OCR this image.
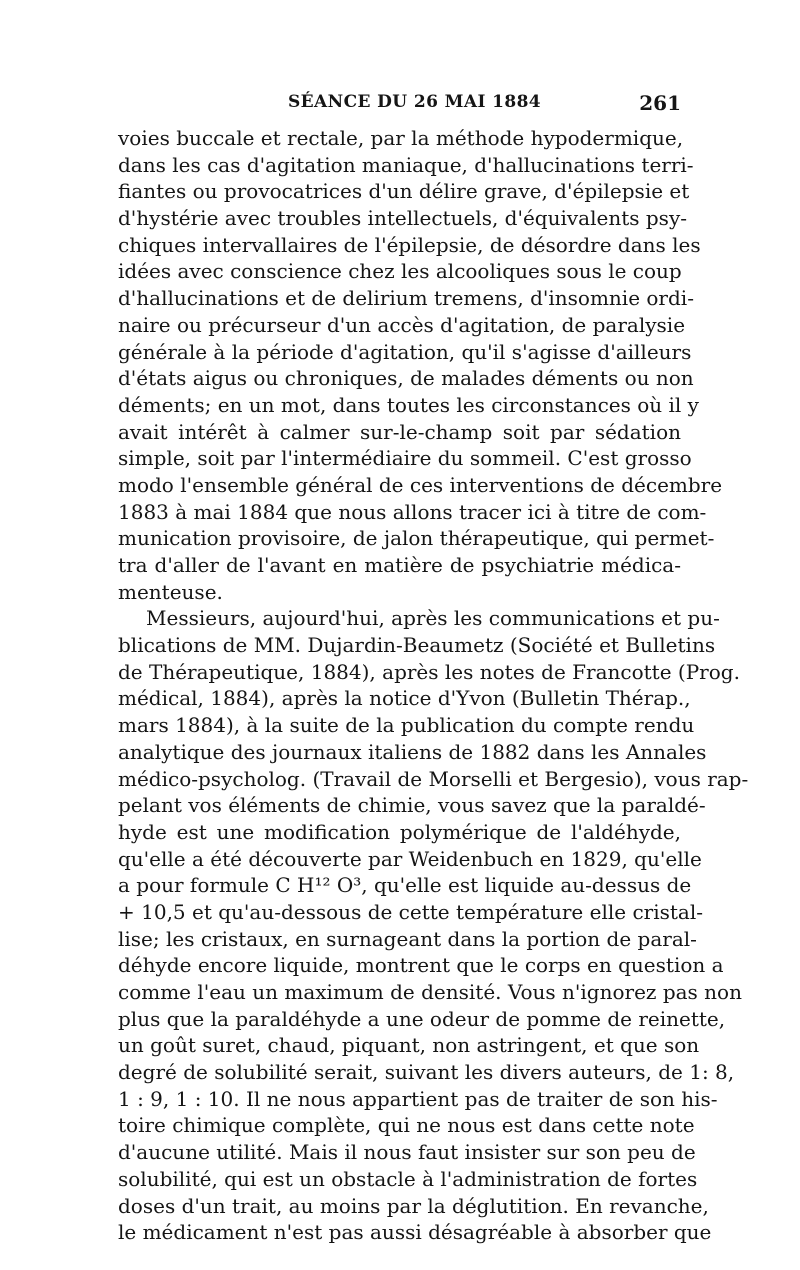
SÉANCE DU 26 MAI 1884	261
voies buccale et rectale, par la méthode hypodermique,
dans les cas d'agitation maniaque, d'hallucinations terri-
fiantes ou provocatrices d'un délire grave, d'épilepsie et
d'hystérie avec troubles intellectuels, d'équivalents psy-
chiques intervallaires de l'épilepsie, de désordre dans les
idées avec conscience chez les alcooliques sous le coup
d'hallucinations et de delirium tremens, d'insomnie ordi-
naire ou précurseur d'un accès d'agitation, de paralysie
générale à la période d'agitation, qu'il s'agisse d'ailleurs
d'états aigus ou chroniques, de malades déments ou non
déments; en un mot, dans toutes les circonstances où il y
avait intérêt à calmer sur-le-champ soit par sédation
simple, soit par l'intermédiaire du sommeil. C'est grosso
modo l'ensemble général de ces interventions de décembre
1883 à mai 1884 que nous allons tracer ici à titre de com-
munication provisoire, de jalon thérapeutique, qui permet-
tra d'aller de l'avant en matière de psychiatrie médica-
menteuse.
Messieurs, aujourd'hui, après les communications et pu-
blications de MM. Dujardin-Beaumetz (Société et Bulletins
de Thérapeutique, 1884), après les notes de Francotte (Prog.
médical, 1884), après la notice d'Yvon (Bulletin Thérap.,
mars 1884), à la suite de la publication du compte rendu
analytique des journaux italiens de 1882 dans les Annales
médico-psycholog. (Travail de Morselli et Bergesio), vous rap-
pelant vos éléments de chimie, vous savez que la paraldé-
hyde est une modification polymérique de l'aldéhyde,
qu'elle a été découverte par Weidenbuch en 1829, qu'elle
a pour formule C H¹² O³, qu'elle est liquide au-dessus de
+ 10,5 et qu'au-dessous de cette température elle cristal-
lise; les cristaux, en surnageant dans la portion de paral-
déhyde encore liquide, montrent que le corps en question a
comme l'eau un maximum de densité. Vous n'ignorez pas non
plus que la paraldéhyde a une odeur de pomme de reinette,
un goût suret, chaud, piquant, non astringent, et que son
degré de solubilité serait, suivant les divers auteurs, de 1: 8,
1 : 9, 1 : 10. Il ne nous appartient pas de traiter de son his-
toire chimique complète, qui ne nous est dans cette note
d'aucune utilité. Mais il nous faut insister sur son peu de
solubilité, qui est un obstacle à l'administration de fortes
doses d'un trait, au moins par la déglutition. En revanche,
le médicament n'est pas aussi désagréable à absorber que
